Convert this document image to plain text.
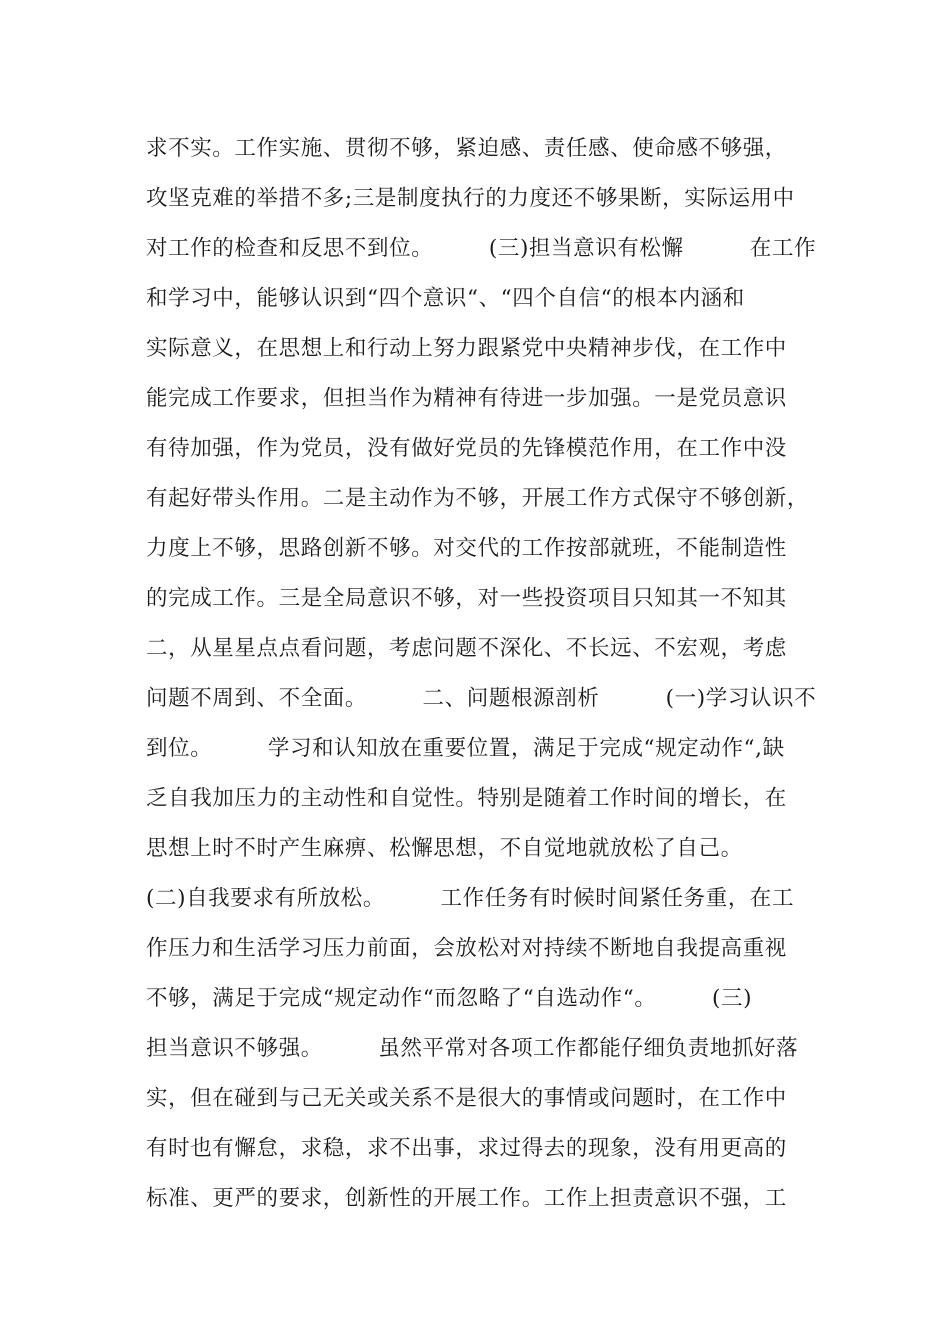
求不实。工作实施、贯彻不够，紧迫感、责任感、使命感不够强，
攻坚克难的举措不多;三是制度执行的力度还不够果断，实际运用中
对工作的检查和反思不到位。　　　(三)担当意识有松懈　　　在工作
和学习中，能够认识到“四个意识“、“四个自信“的根本内涵和
实际意义，在思想上和行动上努力跟紧党中央精神步伐，在工作中
能完成工作要求，但担当作为精神有待进一步加强。一是党员意识
有待加强，作为党员，没有做好党员的先锋模范作用，在工作中没
有起好带头作用。二是主动作为不够，开展工作方式保守不够创新，
力度上不够，思路创新不够。对交代的工作按部就班，不能制造性
的完成工作。三是全局意识不够，对一些投资项目只知其一不知其
二，从星星点点看问题，考虑问题不深化、不长远、不宏观，考虑
问题不周到、不全面。　　　二、问题根源剖析　　　(一)学习认识不
到位。　　　学习和认知放在重要位置，满足于完成“规定动作“,缺
乏自我加压力的主动性和自觉性。特别是随着工作时间的增长，在
思想上时不时产生麻痹、松懈思想，不自觉地就放松了自己。
(二)自我要求有所放松。　　　工作任务有时候时间紧任务重，在工
作压力和生活学习压力前面，会放松对对持续不断地自我提高重视
不够，满足于完成“规定动作“而忽略了“自选动作“。　　　(三)
担当意识不够强。　　　虽然平常对各项工作都能仔细负责地抓好落
实，但在碰到与己无关或关系不是很大的事情或问题时，在工作中
有时也有懈怠，求稳，求不出事，求过得去的现象，没有用更高的
标准、更严的要求，创新性的开展工作。工作上担责意识不强，工
